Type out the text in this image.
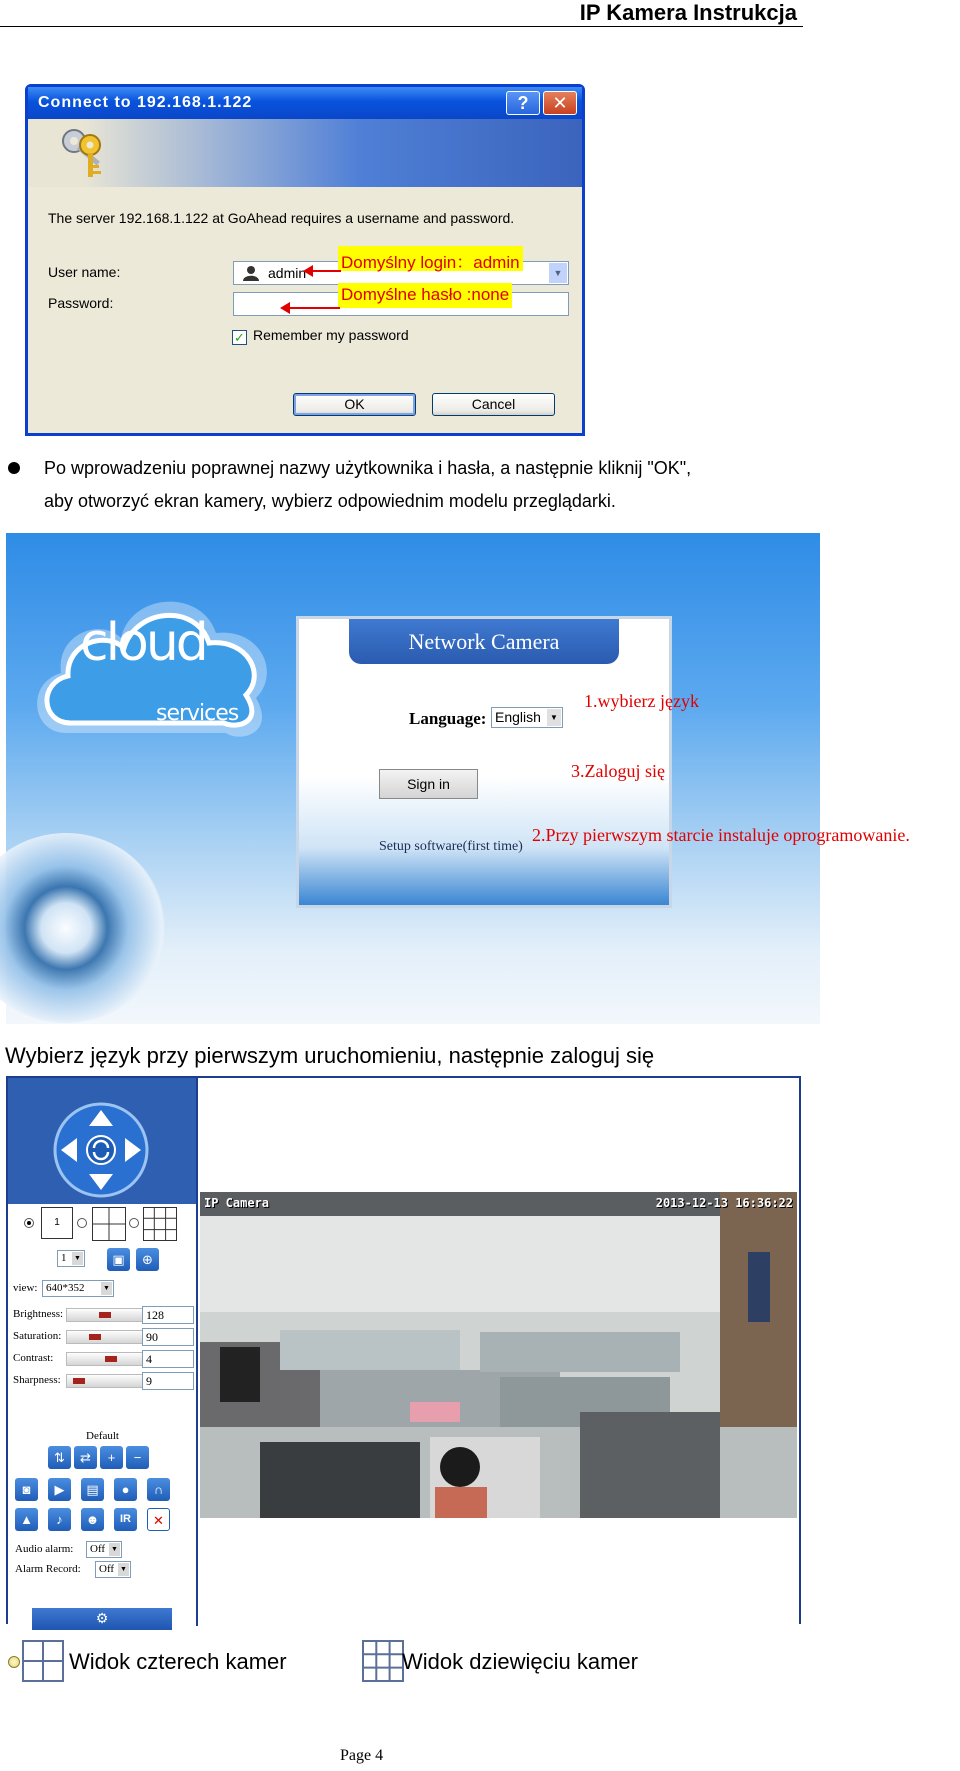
IP Kamera Instrukcja
Connect to 192.168.1.122	?	✕
The server 192.168.1.122 at GoAhead requires a username and password.
User name:	admin	▼
Password:
✓ Remember my password
OK	Cancel
Domyślny login：admin
Domyślne hasło :none
Po wprowadzeniu poprawnej nazwy użytkownika i hasła, a następnie kliknij "OK",
aby otworzyć ekran kamery, wybierz odpowiednim modelu przeglądarki.
cloud
services
Network Camera
Language: English	▼
Sign in
Setup software(first time)
1.wybierz język
3.Zaloguj się
2.Przy pierwszym starcie instaluje oprogramowanie.
Wybierz język przy pierwszym uruchomieniu, następnie zaloguj się
1
1 ▼	▣	⊕
view: 640*352	▼
Brightness:	128
Saturation:	90
Contrast:	4
Sharpness:	9
Default
⇅	⇄	+	−
◙	▶	▤	●	∩
▲	♪	☻	IR	✕
Audio alarm:	Off ▼
Alarm Record:	Off ▼
⚙
IP Camera	2013-12-13 16:36:22
Widok czterech kamer	Widok dziewięciu kamer
Page 4
